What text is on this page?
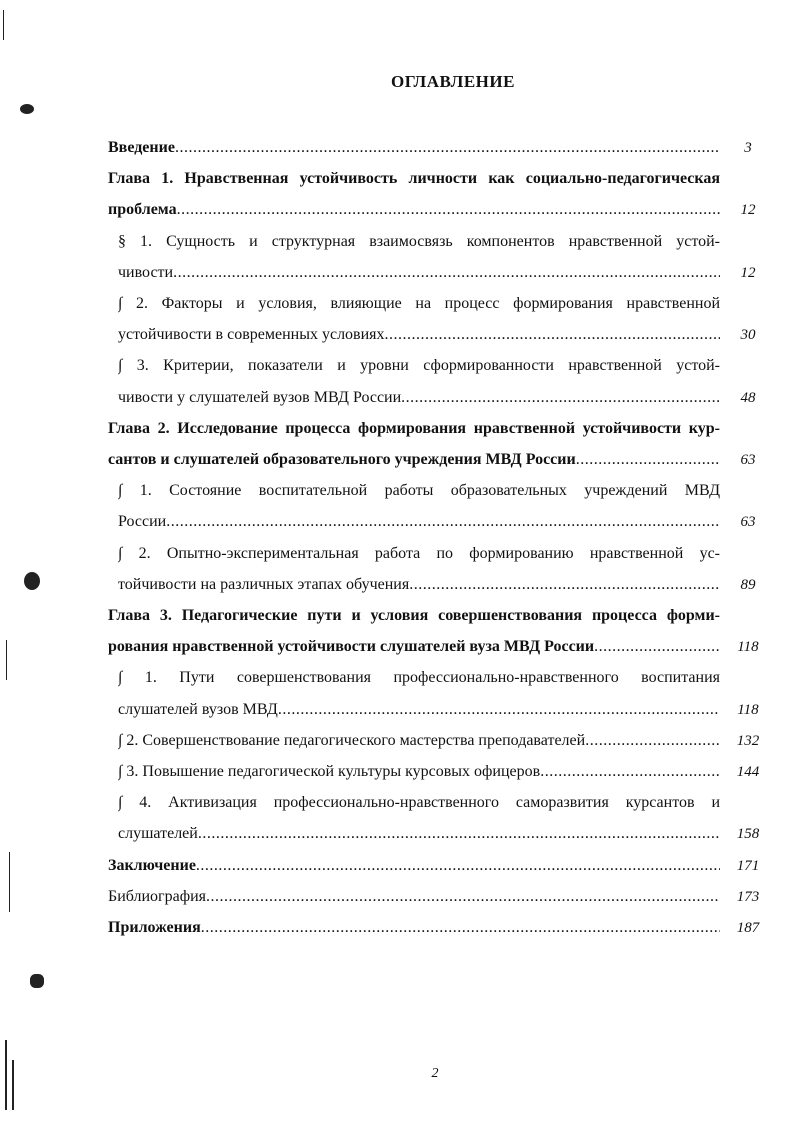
ОГЛАВЛЕНИЕ
3
Введение
.....
Глава 1. Нравственная устойчивость личности как социально-педагогическая
12
проблема
.....
§ 1. Сущность и структурная взаимосвязь компонентов нравственной устой-
12
чивости
.....
∫ 2. Факторы и условия, влияющие на процесс формирования нравственной
30
устойчивости в современных условиях
.....
∫ 3. Критерии, показатели и уровни сформированности нравственной устой-
48
чивости у слушателей вузов МВД России
.....
Глава 2. Исследование процесса формирования нравственной устойчивости кур-
63
сантов и слушателей образовательного учреждения МВД России
.....
∫ 1. Состояние воспитательной работы образовательных учреждений МВД
63
России
.....
∫ 2. Опытно-экспериментальная работа по формированию нравственной ус-
89
тойчивости на различных этапах обучения
.....
Глава 3. Педагогические пути и условия совершенствования процесса форми-
118
рования нравственной устойчивости слушателей вуза МВД России
.....
∫ 1. Пути совершенствования профессионально-нравственного воспитания
118
слушателей вузов МВД
.....
132
∫ 2. Совершенствование педагогического мастерства преподавателей
.....
144
∫ 3. Повышение педагогической культуры курсовых офицеров
.....
∫ 4. Активизация профессионально-нравственного саморазвития курсантов и
158
слушателей
.....
171
Заключение
.....
173
Библиография
.....
187
Приложения
.....
2
